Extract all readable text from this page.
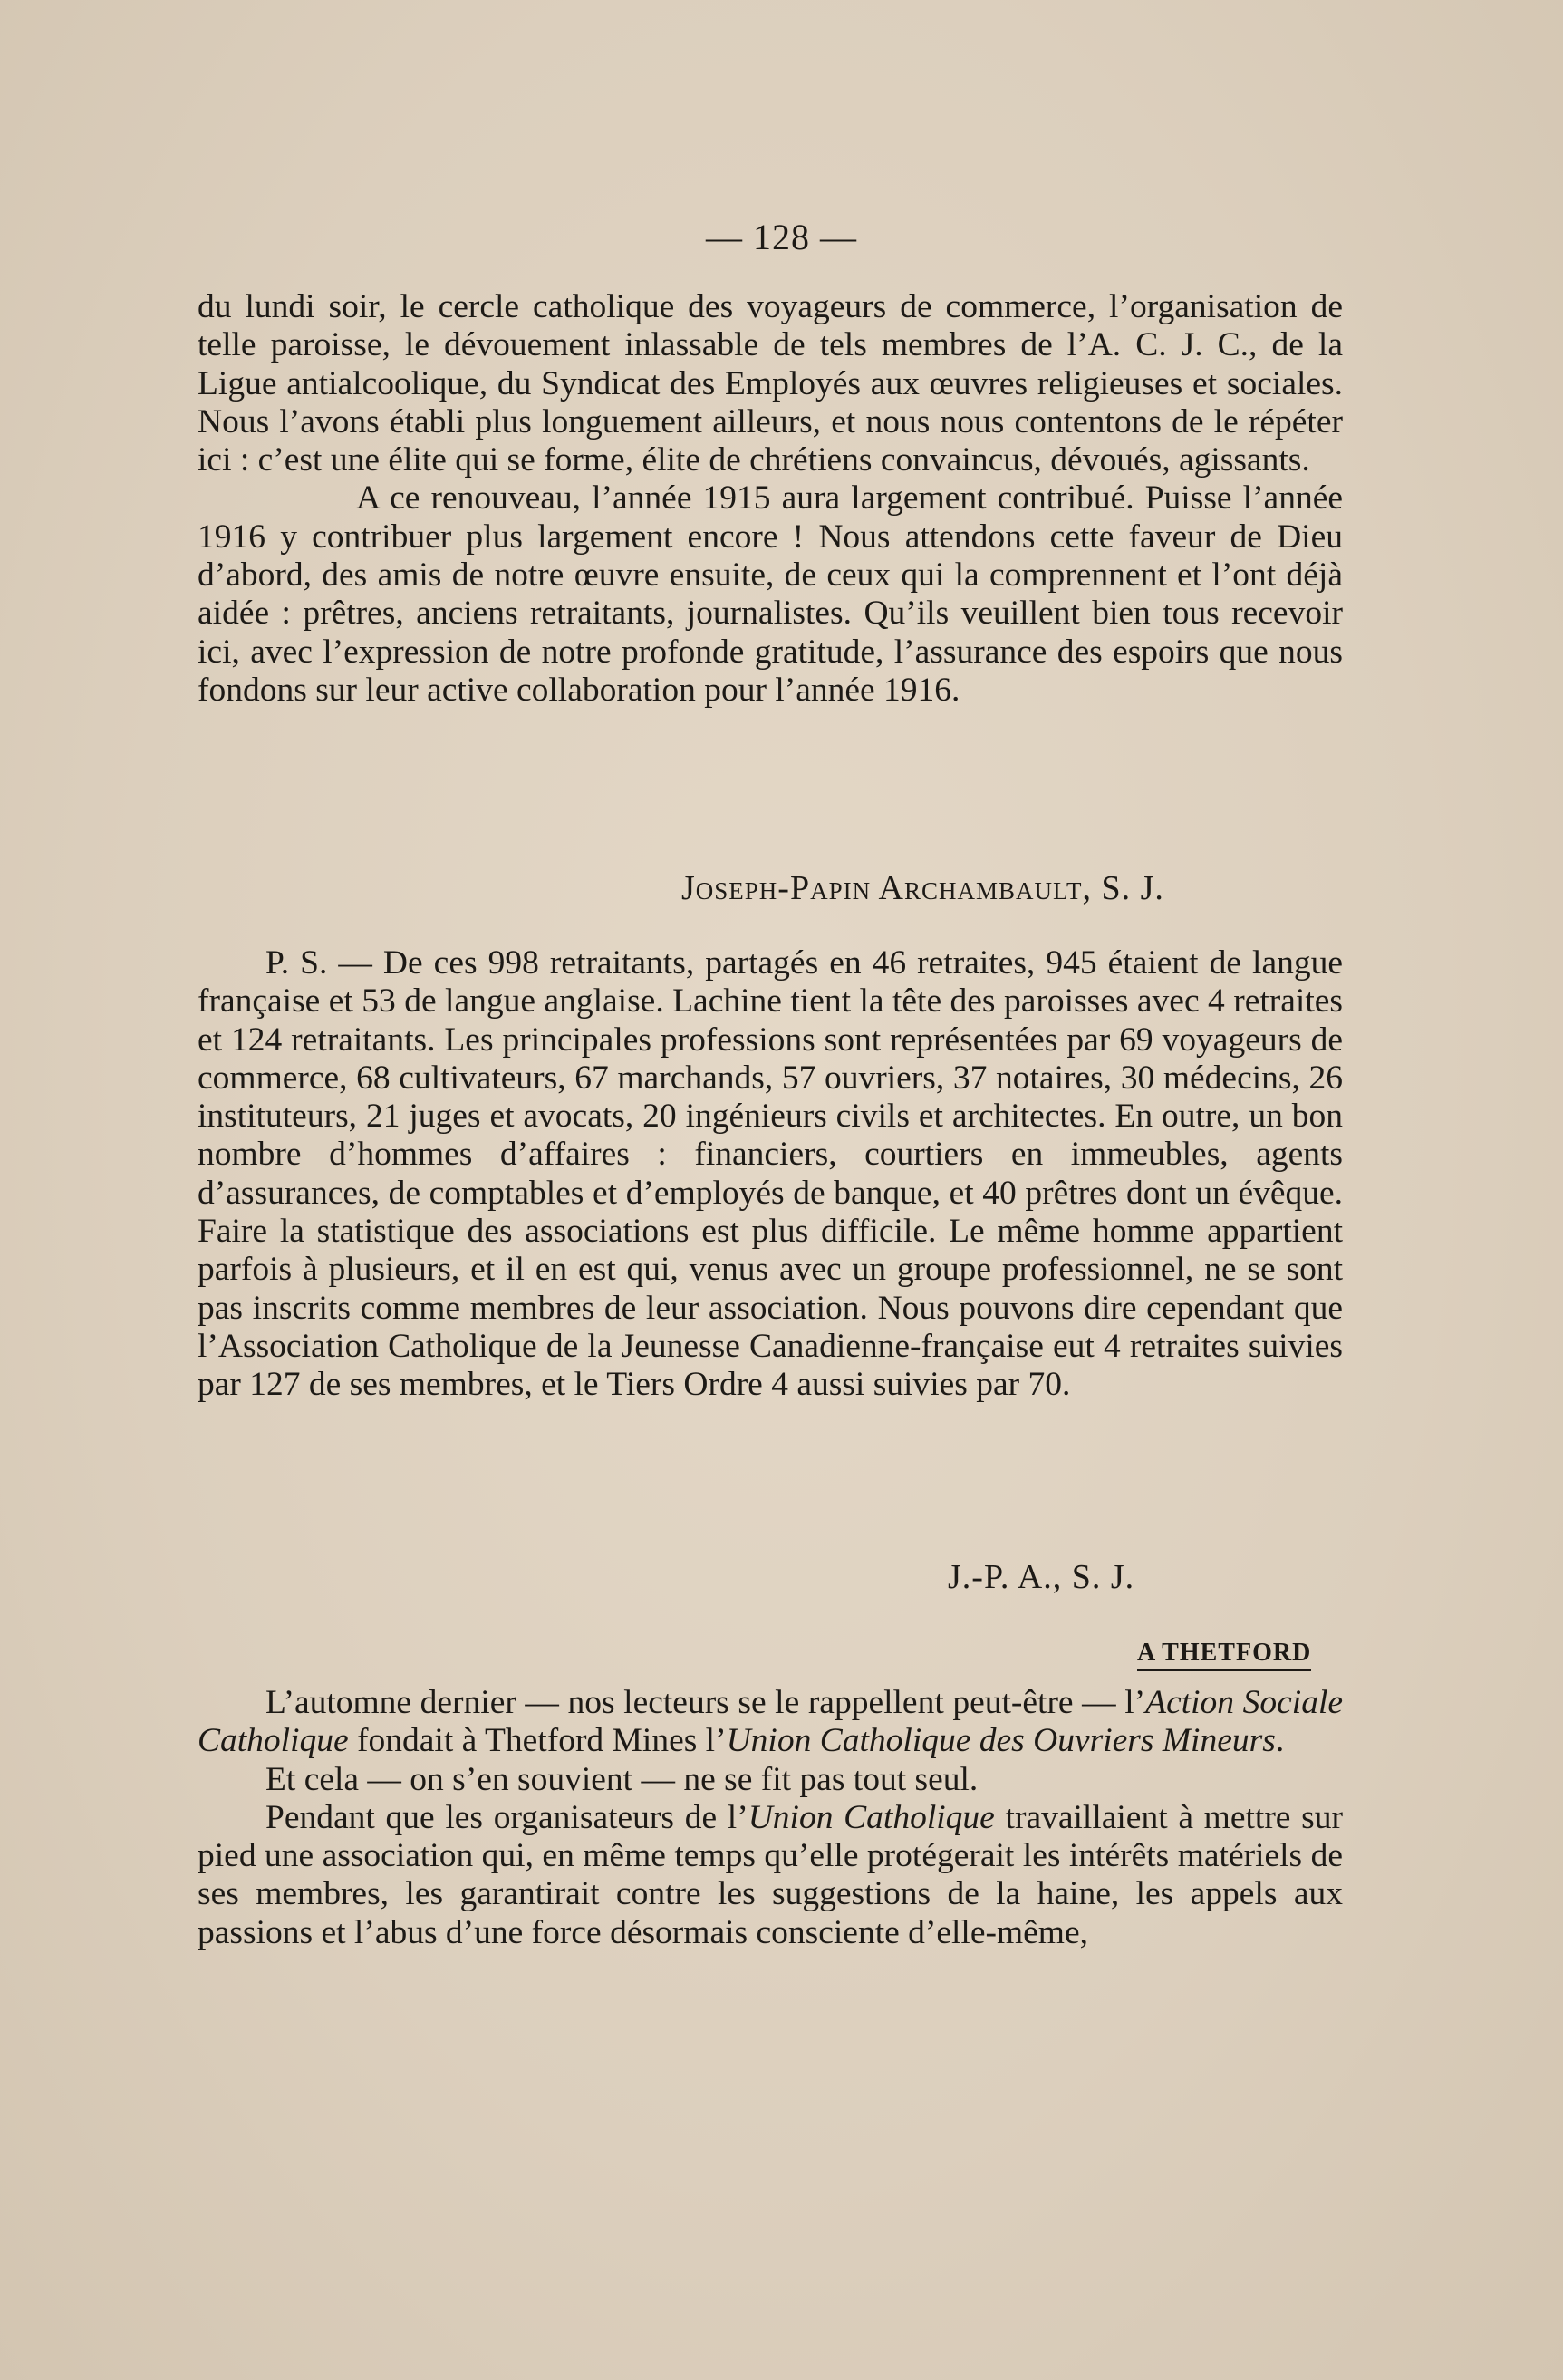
— 128 —

du lundi soir, le cercle catholique des voyageurs de commerce, l’organisation de telle paroisse, le dévouement inlassable de tels membres de l’A. C. J. C., de la Ligue antialcoolique, du Syndicat des Employés aux œuvres religieuses et sociales. Nous l’avons établi plus longuement ailleurs, et nous nous contentons de le répéter ici : c’est une élite qui se forme, élite de chrétiens convaincus, dévoués, agissants.

A ce renouveau, l’année 1915 aura largement contribué. Puisse l’année 1916 y contribuer plus largement encore ! Nous attendons cette faveur de Dieu d’abord, des amis de notre œuvre ensuite, de ceux qui la comprennent et l’ont déjà aidée : prêtres, anciens retraitants, journalistes. Qu’ils veuillent bien tous recevoir ici, avec l’expression de notre profonde gratitude, l’assurance des espoirs que nous fondons sur leur active collaboration pour l’année 1916.

Joseph-Papin Archambault, S. J.

P. S. — De ces 998 retraitants, partagés en 46 retraites, 945 étaient de langue française et 53 de langue anglaise. Lachine tient la tête des paroisses avec 4 retraites et 124 retraitants. Les principales professions sont représentées par 69 voyageurs de commerce, 68 cultivateurs, 67 marchands, 57 ouvriers, 37 notaires, 30 médecins, 26 instituteurs, 21 juges et avocats, 20 ingénieurs civils et architectes. En outre, un bon nombre d’hommes d’affaires : financiers, courtiers en immeubles, agents d’assurances, de comptables et d’employés de banque, et 40 prêtres dont un évêque. Faire la statistique des associations est plus difficile. Le même homme appartient parfois à plusieurs, et il en est qui, venus avec un groupe professionnel, ne se sont pas inscrits comme membres de leur association. Nous pouvons dire cependant que l’Association Catholique de la Jeunesse Canadienne-française eut 4 retraites suivies par 127 de ses membres, et le Tiers Ordre 4 aussi suivies par 70.

J.-P. A., S. J.
A THETFORD

L’automne dernier — nos lecteurs se le rappellent peut-être — l’Action Sociale Catholique fondait à Thetford Mines l’Union Catholique des Ouvriers Mineurs.

Et cela — on s’en souvient — ne se fit pas tout seul.

Pendant que les organisateurs de l’Union Catholique travaillaient à mettre sur pied une association qui, en même temps qu’elle protégerait les intérêts matériels de ses membres, les garantirait contre les suggestions de la haine, les appels aux passions et l’abus d’une force désormais consciente d’elle-même,
